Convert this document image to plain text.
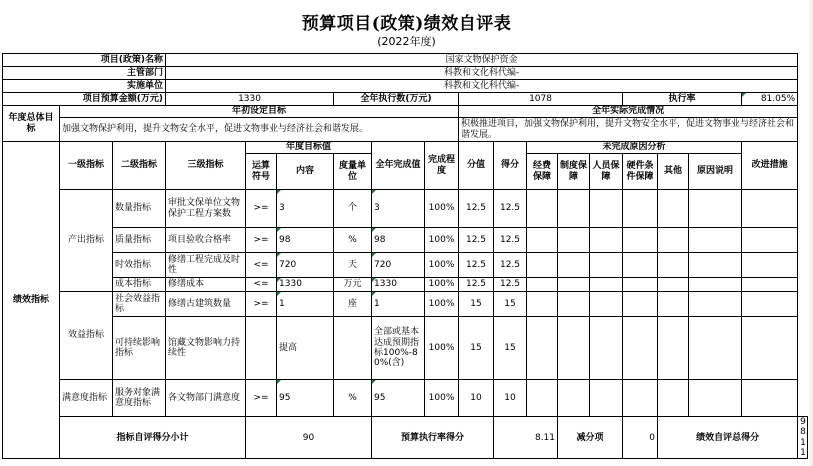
预算项目(政策)绩效自评表
(2022年度)
项目(政策)名称			国家文物保护资金															
主管部门			科教和文化科代编-															
实施单位			科教和文化科代编-															
项目预算金额(万元)			1330			全年执行数(万元)			1078					执行率			81.05%	
年度总体目标	年初设定目标								全年实际完成情况									
	加强文物保护利用，提升文物安全水平，促进文物事业与经济社会和谐发展。								积极推进项目，加强文物保护利用，提升文物安全水平，促进文物事业与经济社会和谐发展。									
绩效指标	一级指标	二级指标	三级指标	年度目标值			全年完成值	完成程度	分值	得分	未完成原因分析						改进措施	
				运算符号	内容	度量单位					经费保障	制度保障	人员保障	硬件条件保障	其他	原因说明		
	产出指标	数量指标	审批文保单位文物保护工程方案数	>=	3	个	3	100%	12.5	12.5								
		质量指标	项目验收合格率	>=	98	%	98	100%	12.5	12.5								
		时效指标	修缮工程完成及时性	<=	720	天	720	100%	12.5	12.5								
		成本指标	修缮成本	<=	1330	万元	1330	100%	12.5	12.5								
	效益指标	社会效益指标	修缮古建筑数量	>=	1	座	1	100%	15	15								
		可持续影响指标	馆藏文物影响力持续性		提高		全部或基本达成预期指标100%-80%(含)	100%	15	15								
	满意度指标	服务对象满意度指标	各文物部门满意度	>=	95	%	95	100%	10	10								
	指标自评得分小计			90			预算执行率得分			8.11		减分项		0	绩效自评总得分			98.11
